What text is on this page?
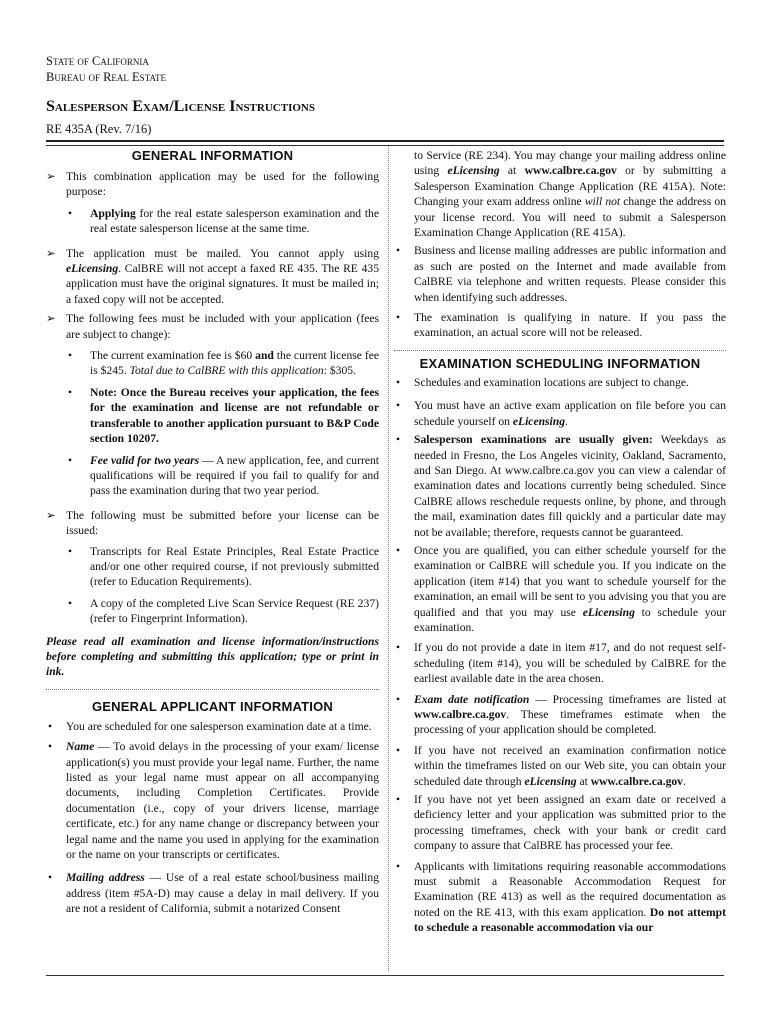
State of California
Bureau of Real Estate
Salesperson Exam/License Instructions
RE 435A (Rev. 7/16)

GENERAL INFORMATION

➢ This combination application may be used for the following purpose:

• Applying for the real estate salesperson examination and the real estate salesperson license at the same time.

➢ The application must be mailed. You cannot apply using eLicensing. CalBRE will not accept a faxed RE 435. The RE 435 application must have the original signatures. It must be mailed in; a faxed copy will not be accepted.

➢ The following fees must be included with your application (fees are subject to change):

• The current examination fee is $60 and the current license fee is $245. Total due to CalBRE with this application: $305.

• Note: Once the Bureau receives your application, the fees for the examination and license are not refundable or transferable to another application pursuant to B&P Code section 10207.

• Fee valid for two years — A new application, fee, and current qualifications will be required if you fail to qualify for and pass the examination during that two year period.

➢ The following must be submitted before your license can be issued:

• Transcripts for Real Estate Principles, Real Estate Practice and/or one other required course, if not previously submitted (refer to Education Requirements).

• A copy of the completed Live Scan Service Request (RE 237) (refer to Fingerprint Information).

Please read all examination and license information/instructions before completing and submitting this application; type or print in ink.

GENERAL APPLICANT INFORMATION

• You are scheduled for one salesperson examination date at a time.

• Name — To avoid delays in the processing of your exam/ license application(s) you must provide your legal name. Further, the name listed as your legal name must appear on all accompanying documents, including Completion Certificates. Provide documentation (i.e., copy of your drivers license, marriage certificate, etc.) for any name change or discrepancy between your legal name and the name you used in applying for the examination or the name on your transcripts or certificates.

• Mailing address — Use of a real estate school/business mailing address (item #5A-D) may cause a delay in mail delivery. If you are not a resident of California, submit a notarized Consent

to Service (RE 234). You may change your mailing address online using eLicensing at www.calbre.ca.gov or by submitting a Salesperson Examination Change Application (RE 415A). Note: Changing your exam address online will not change the address on your license record. You will need to submit a Salesperson Examination Change Application (RE 415A).

• Business and license mailing addresses are public information and as such are posted on the Internet and made available from CalBRE via telephone and written requests. Please consider this when identifying such addresses.

• The examination is qualifying in nature. If you pass the examination, an actual score will not be released.

EXAMINATION SCHEDULING INFORMATION

• Schedules and examination locations are subject to change.

• You must have an active exam application on file before you can schedule yourself on eLicensing.

• Salesperson examinations are usually given: Weekdays as needed in Fresno, the Los Angeles vicinity, Oakland, Sacramento, and San Diego. At www.calbre.ca.gov you can view a calendar of examination dates and locations currently being scheduled. Since CalBRE allows reschedule requests online, by phone, and through the mail, examination dates fill quickly and a particular date may not be available; therefore, requests cannot be guaranteed.

• Once you are qualified, you can either schedule yourself for the examination or CalBRE will schedule you. If you indicate on the application (item #14) that you want to schedule yourself for the examination, an email will be sent to you advising you that you are qualified and that you may use eLicensing to schedule your examination.

• If you do not provide a date in item #17, and do not request self-scheduling (item #14), you will be scheduled by CalBRE for the earliest available date in the area chosen.

• Exam date notification — Processing timeframes are listed at www.calbre.ca.gov. These timeframes estimate when the processing of your application should be completed.

• If you have not received an examination confirmation notice within the timeframes listed on our Web site, you can obtain your scheduled date through eLicensing at www.calbre.ca.gov.

• If you have not yet been assigned an exam date or received a deficiency letter and your application was submitted prior to the processing timeframes, check with your bank or credit card company to assure that CalBRE has processed your fee.

• Applicants with limitations requiring reasonable accommodations must submit a Reasonable Accommodation Request for Examination (RE 413) as well as the required documentation as noted on the RE 413, with this exam application. Do not attempt to schedule a reasonable accommodation via our
